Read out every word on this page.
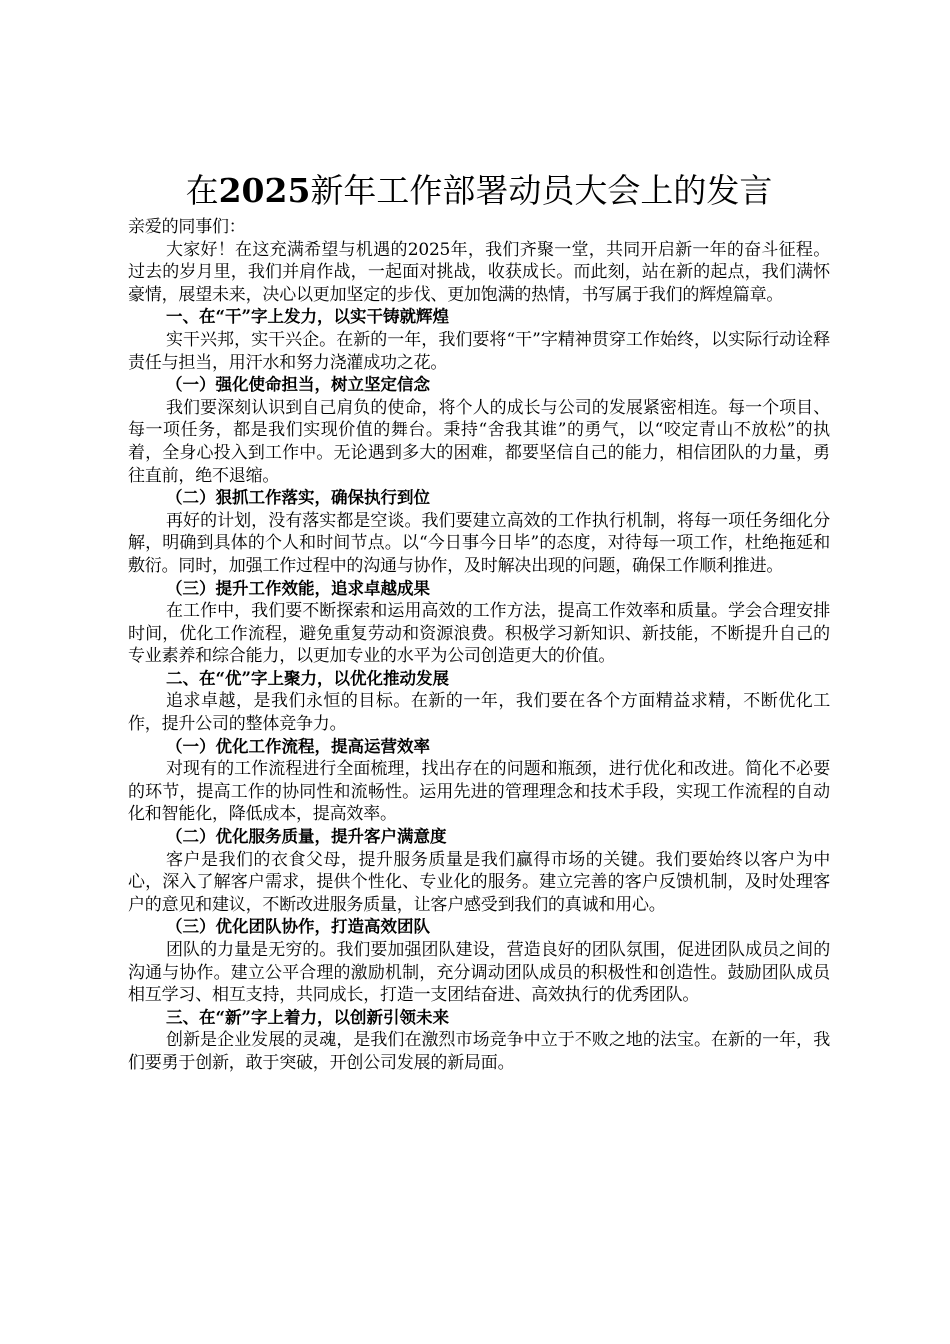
在2025新年工作部署动员大会上的发言

亲爱的同事们：

大家好！在这充满希望与机遇的2025年，我们齐聚一堂，共同开启新一年的奋斗征程。过去的岁月里，我们并肩作战，一起面对挑战，收获成长。而此刻，站在新的起点，我们满怀豪情，展望未来，决心以更加坚定的步伐、更加饱满的热情，书写属于我们的辉煌篇章。

一、在“干”字上发力，以实干铸就辉煌

实干兴邦，实干兴企。在新的一年，我们要将“干”字精神贯穿工作始终，以实际行动诠释责任与担当，用汗水和努力浇灌成功之花。

（一）强化使命担当，树立坚定信念

我们要深刻认识到自己肩负的使命，将个人的成长与公司的发展紧密相连。每一个项目、每一项任务，都是我们实现价值的舞台。秉持“舍我其谁”的勇气，以“咬定青山不放松”的执着，全身心投入到工作中。无论遇到多大的困难，都要坚信自己的能力，相信团队的力量，勇往直前，绝不退缩。

（二）狠抓工作落实，确保执行到位

再好的计划，没有落实都是空谈。我们要建立高效的工作执行机制，将每一项任务细化分解，明确到具体的个人和时间节点。以“今日事今日毕”的态度，对待每一项工作，杜绝拖延和敷衍。同时，加强工作过程中的沟通与协作，及时解决出现的问题，确保工作顺利推进。

（三）提升工作效能，追求卓越成果

在工作中，我们要不断探索和运用高效的工作方法，提高工作效率和质量。学会合理安排时间，优化工作流程，避免重复劳动和资源浪费。积极学习新知识、新技能，不断提升自己的专业素养和综合能力，以更加专业的水平为公司创造更大的价值。

二、在“优”字上聚力，以优化推动发展

追求卓越，是我们永恒的目标。在新的一年，我们要在各个方面精益求精，不断优化工作，提升公司的整体竞争力。

（一）优化工作流程，提高运营效率

对现有的工作流程进行全面梳理，找出存在的问题和瓶颈，进行优化和改进。简化不必要的环节，提高工作的协同性和流畅性。运用先进的管理理念和技术手段，实现工作流程的自动化和智能化，降低成本，提高效率。

（二）优化服务质量，提升客户满意度

客户是我们的衣食父母，提升服务质量是我们赢得市场的关键。我们要始终以客户为中心，深入了解客户需求，提供个性化、专业化的服务。建立完善的客户反馈机制，及时处理客户的意见和建议，不断改进服务质量，让客户感受到我们的真诚和用心。

（三）优化团队协作，打造高效团队

团队的力量是无穷的。我们要加强团队建设，营造良好的团队氛围，促进团队成员之间的沟通与协作。建立公平合理的激励机制，充分调动团队成员的积极性和创造性。鼓励团队成员相互学习、相互支持，共同成长，打造一支团结奋进、高效执行的优秀团队。

三、在“新”字上着力，以创新引领未来

创新是企业发展的灵魂，是我们在激烈市场竞争中立于不败之地的法宝。在新的一年，我们要勇于创新，敢于突破，开创公司发展的新局面。
